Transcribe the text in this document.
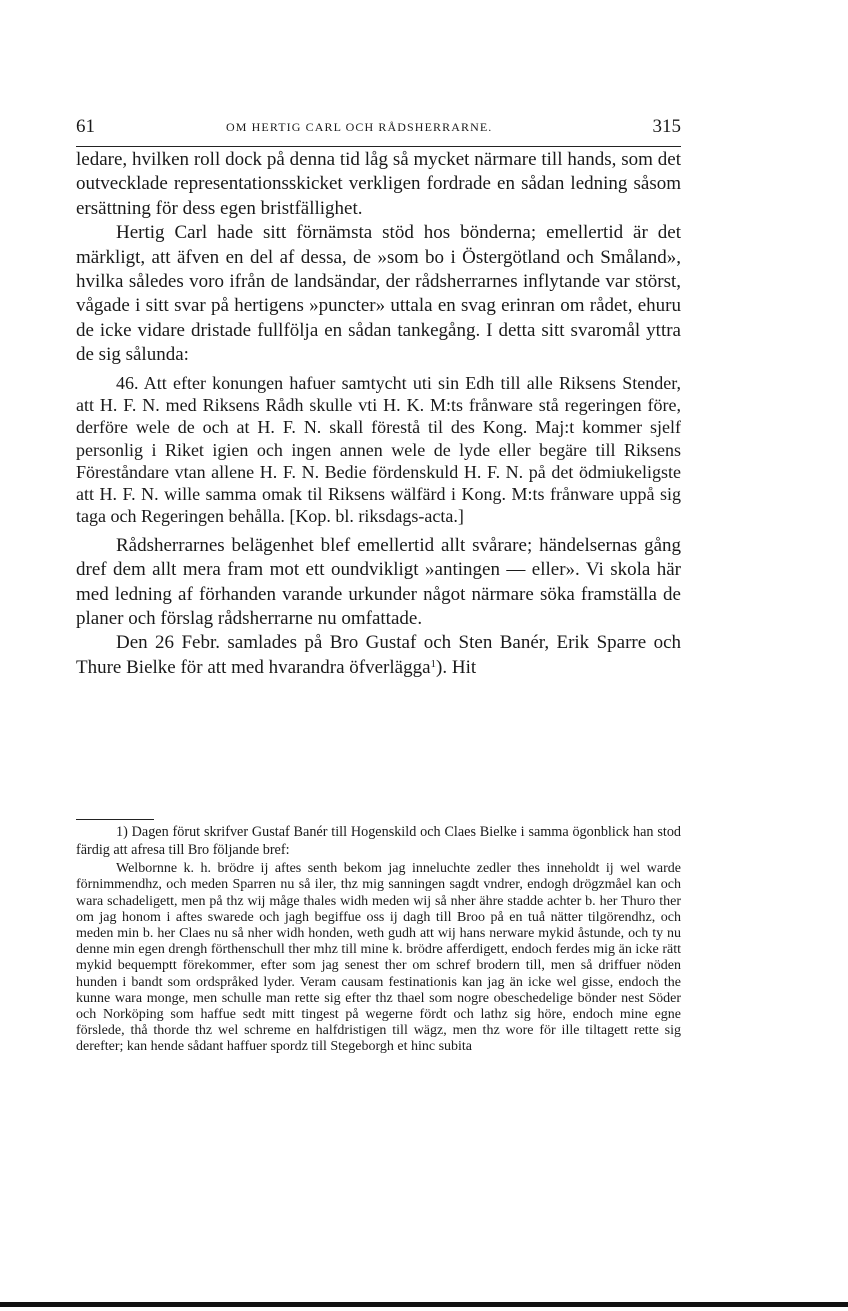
61	OM HERTIG CARL OCH RÅDSHERRARNE.	315

ledare, hvilken roll dock på denna tid låg så mycket närmare till hands, som det outvecklade representationsskicket verkligen fordrade en sådan ledning såsom ersättning för dess egen bristfällighet.

Hertig Carl hade sitt förnämsta stöd hos bönderna; emellertid är det märkligt, att äfven en del af dessa, de »som bo i Östergötland och Småland», hvilka således voro ifrån de landsändar, der rådsherrarnes inflytande var störst, vågade i sitt svar på hertigens »puncter» uttala en svag erinran om rådet, ehuru de icke vidare dristade fullfölja en sådan tankegång. I detta sitt svaromål yttra de sig sålunda:

46. Att efter konungen hafuer samtycht uti sin Edh till alle Riksens Stender, att H. F. N. med Riksens Rådh skulle vti H. K. M:ts frånware stå regeringen före, derföre wele de och at H. F. N. skall förestå til des Kong. Maj:t kommer sjelf personlig i Riket igien och ingen annen wele de lyde eller begäre till Riksens Föreståndare vtan allene H. F. N. Bedie fördenskuld H. F. N. på det ödmiukeligste att H. F. N. wille samma omak til Riksens wälfärd i Kong. M:ts frånware uppå sig taga och Regeringen behålla. [Kop. bl. riksdags-acta.]

Rådsherrarnes belägenhet blef emellertid allt svårare; händelsernas gång dref dem allt mera fram mot ett oundvikligt »antingen — eller». Vi skola här med ledning af förhanden varande urkunder något närmare söka framställa de planer och förslag rådsherrarne nu omfattade.

Den 26 Febr. samlades på Bro Gustaf och Sten Banér, Erik Sparre och Thure Bielke för att med hvarandra öfverlägga$^1$). Hit

1) Dagen förut skrifver Gustaf Banér till Hogenskild och Claes Bielke i samma ögonblick han stod färdig att afresa till Bro följande bref:

Welbornne k. h. brödre ij aftes senth bekom jag inneluchte zedler thes inneholdt ij wel warde förnimmendhz, och meden Sparren nu så iler, thz mig sanningen sagdt vndrer, endogh drögzmåel kan och wara schadeligett, men på thz wij måge thales widh meden wij så nher ähre stadde achter b. her Thuro ther om jag honom i aftes swarede och jagh begiffue oss ij dagh till Broo på en tuå nätter tilgörendhz, och meden min b. her Claes nu så nher widh honden, weth gudh att wij hans nerware mykid åstunde, och ty nu denne min egen drengh förthenschull ther mhz till mine k. brödre afferdigett, endoch ferdes mig än icke rätt mykid bequemptt förekommer, efter som jag senest ther om schref brodern till, men så driffuer nöden hunden i bandt som ordspråked lyder. Veram causam festinationis kan jag än icke wel gisse, endoch the kunne wara monge, men schulle man rette sig efter thz thael som nogre obeschedelige bönder nest Söder och Norköping som haffue sedt mitt tingest på wegerne fördt och lathz sig höre, endoch mine egne förslede, thå thorde thz wel schreme en halfdristigen till wägz, men thz wore för ille tiltagett rette sig derefter; kan hende sådant haffuer spordz till Stegeborgh et hinc subita
